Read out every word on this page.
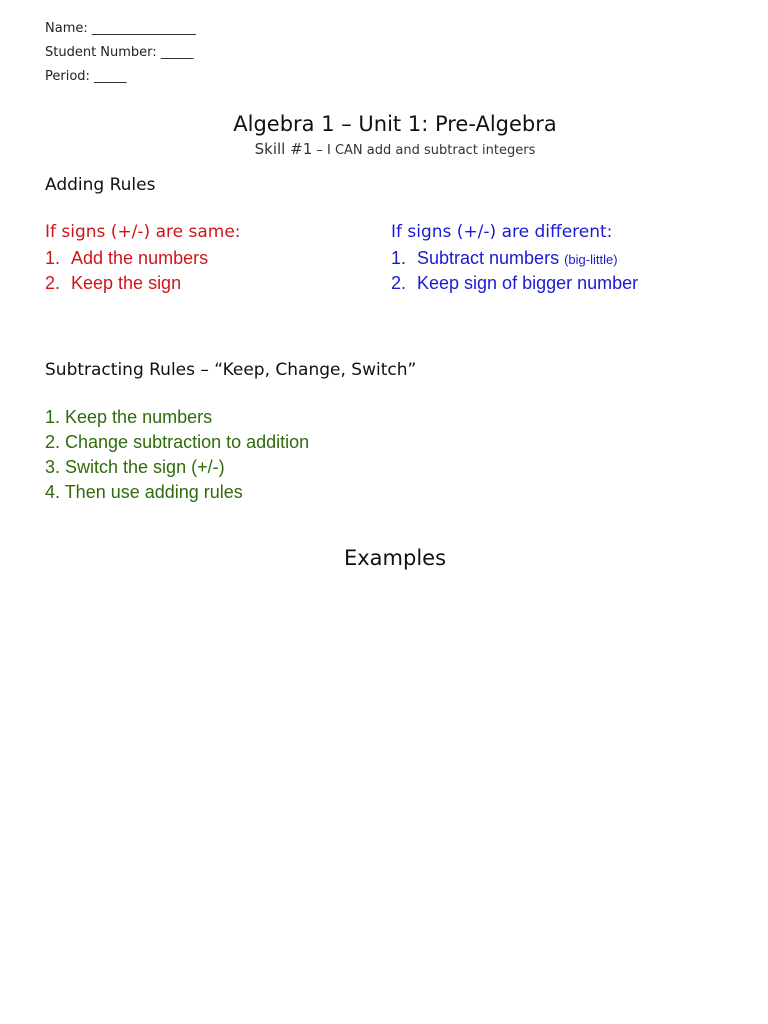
Name: ________________
Student Number: _____
Period: _____
Algebra 1 – Unit 1: Pre-Algebra
Skill #1 – I CAN add and subtract integers
Adding Rules
If signs (+/-) are same:
1. Add the numbers
2. Keep the sign
If signs (+/-) are different:
1. Subtract numbers (big-little)
2. Keep sign of bigger number
Subtracting Rules – “Keep, Change, Switch”
1. Keep the numbers
2. Change subtraction to addition
3. Switch the sign (+/-)
4. Then use adding rules
Examples
